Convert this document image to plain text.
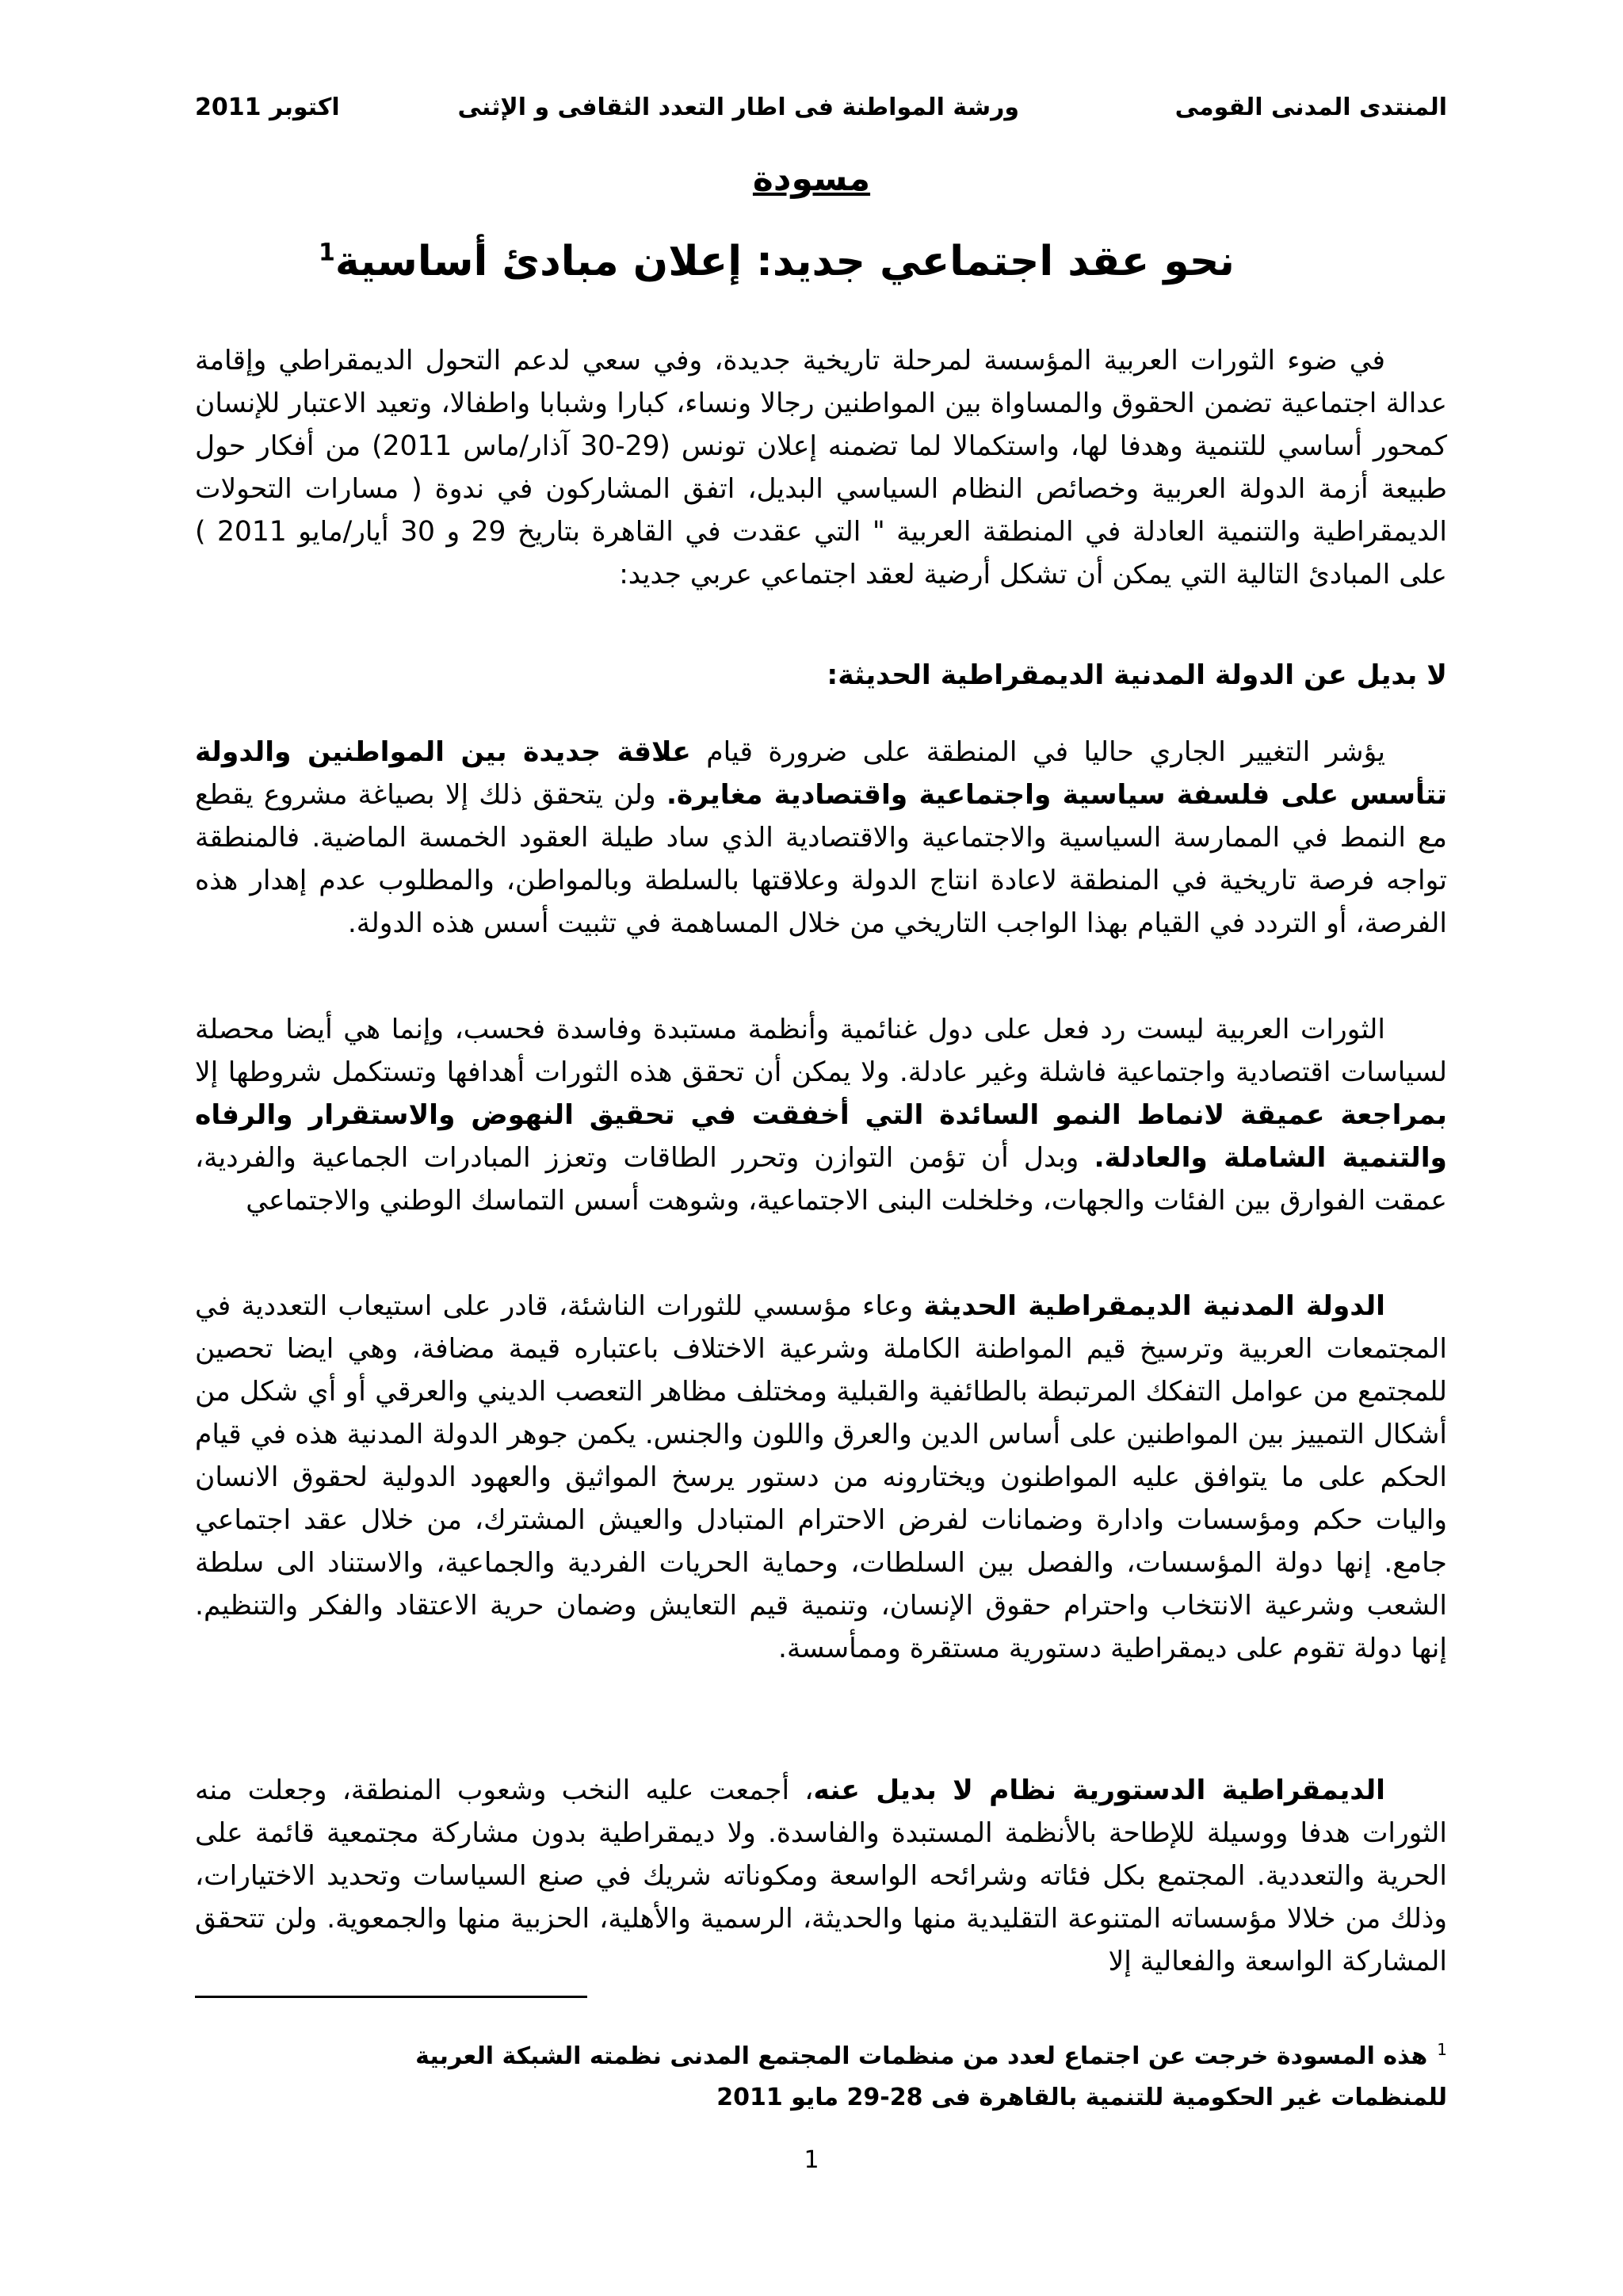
المنتدى المدنى القومى
ورشة المواطنة فى اطار التعدد الثقافى و الإثنى
اكتوبر 2011
مسودة
نحو عقد اجتماعي جديد: إعلان مبادئ أساسية$^1$
في ضوء الثورات العربية المؤسسة لمرحلة تاريخية جديدة، وفي سعي لدعم التحول الديمقراطي وإقامة عدالة اجتماعية تضمن الحقوق والمساواة بين المواطنين رجالا ونساء، كبارا وشبابا واطفالا، وتعيد الاعتبار للإنسان كمحور أساسي للتنمية وهدفا لها، واستكمالا لما تضمنه إعلان تونس (29-30 آذار/ماس 2011) من أفكار حول طبيعة أزمة الدولة العربية وخصائص النظام السياسي البديل، اتفق المشاركون في ندوة ( مسارات التحولات الديمقراطية والتنمية العادلة في المنطقة العربية " التي عقدت في القاهرة بتاريخ 29 و 30 أيار/مايو 2011 ) على المبادئ التالية التي يمكن أن تشكل أرضية لعقد اجتماعي عربي جديد:
لا بديل عن الدولة المدنية الديمقراطية الحديثة:
يؤشر التغيير الجاري حاليا في المنطقة على ضرورة قيام علاقة جديدة بين المواطنين والدولة تتأسس على فلسفة سياسية واجتماعية واقتصادية مغايرة. ولن يتحقق ذلك إلا بصياغة مشروع يقطع مع النمط في الممارسة السياسية والاجتماعية والاقتصادية الذي ساد طيلة العقود الخمسة الماضية. فالمنطقة تواجه فرصة تاريخية في المنطقة لاعادة انتاج الدولة وعلاقتها بالسلطة وبالمواطن، والمطلوب عدم إهدار هذه الفرصة، أو التردد في القيام بهذا الواجب التاريخي من خلال المساهمة في تثبيت أسس هذه الدولة.
الثورات العربية ليست رد فعل على دول غنائمية وأنظمة مستبدة وفاسدة فحسب، وإنما هي أيضا محصلة لسياسات اقتصادية واجتماعية فاشلة وغير عادلة. ولا يمكن أن تحقق هذه الثورات أهدافها وتستكمل شروطها إلا بمراجعة عميقة لانماط النمو السائدة التي أخفقت في تحقيق النهوض والاستقرار والرفاه والتنمية الشاملة والعادلة. وبدل أن تؤمن التوازن وتحرر الطاقات وتعزز المبادرات الجماعية والفردية، عمقت الفوارق بين الفئات والجهات، وخلخلت البنى الاجتماعية، وشوهت أسس التماسك الوطني والاجتماعي
الدولة المدنية الديمقراطية الحديثة وعاء مؤسسي للثورات الناشئة، قادر على استيعاب التعددية في المجتمعات العربية وترسيخ قيم المواطنة الكاملة وشرعية الاختلاف باعتباره قيمة مضافة، وهي ايضا تحصين للمجتمع من عوامل التفكك المرتبطة بالطائفية والقبلية ومختلف مظاهر التعصب الديني والعرقي أو أي شكل من أشكال التمييز بين المواطنين على أساس الدين والعرق واللون والجنس. يكمن جوهر الدولة المدنية هذه في قيام الحكم على ما يتوافق عليه المواطنون ويختارونه من دستور يرسخ المواثيق والعهود الدولية لحقوق الانسان واليات حكم ومؤسسات وادارة وضمانات لفرض الاحترام المتبادل والعيش المشترك، من خلال عقد اجتماعي جامع. إنها دولة المؤسسات، والفصل بين السلطات، وحماية الحريات الفردية والجماعية، والاستناد الى سلطة الشعب وشرعية الانتخاب واحترام حقوق الإنسان، وتنمية قيم التعايش وضمان حرية الاعتقاد والفكر والتنظيم. إنها دولة تقوم على ديمقراطية دستورية مستقرة وممأسسة.
الديمقراطية الدستورية نظام لا بديل عنه، أجمعت عليه النخب وشعوب المنطقة، وجعلت منه الثورات هدفا ووسيلة للإطاحة بالأنظمة المستبدة والفاسدة. ولا ديمقراطية بدون مشاركة مجتمعية قائمة على الحرية والتعددية. المجتمع بكل فئاته وشرائحه الواسعة ومكوناته شريك في صنع السياسات وتحديد الاختيارات، وذلك من خلالا مؤسساته المتنوعة التقليدية منها والحديثة، الرسمية والأهلية، الحزبية منها والجمعوية. ولن تتحقق المشاركة الواسعة والفعالية إلا
$^1$هذه المسودة خرجت عن اجتماع لعدد من منظمات المجتمع المدنى نظمته الشبكة العربية
للمنظمات غير الحكومية للتنمية بالقاهرة فى 28-29 مايو 2011
1
